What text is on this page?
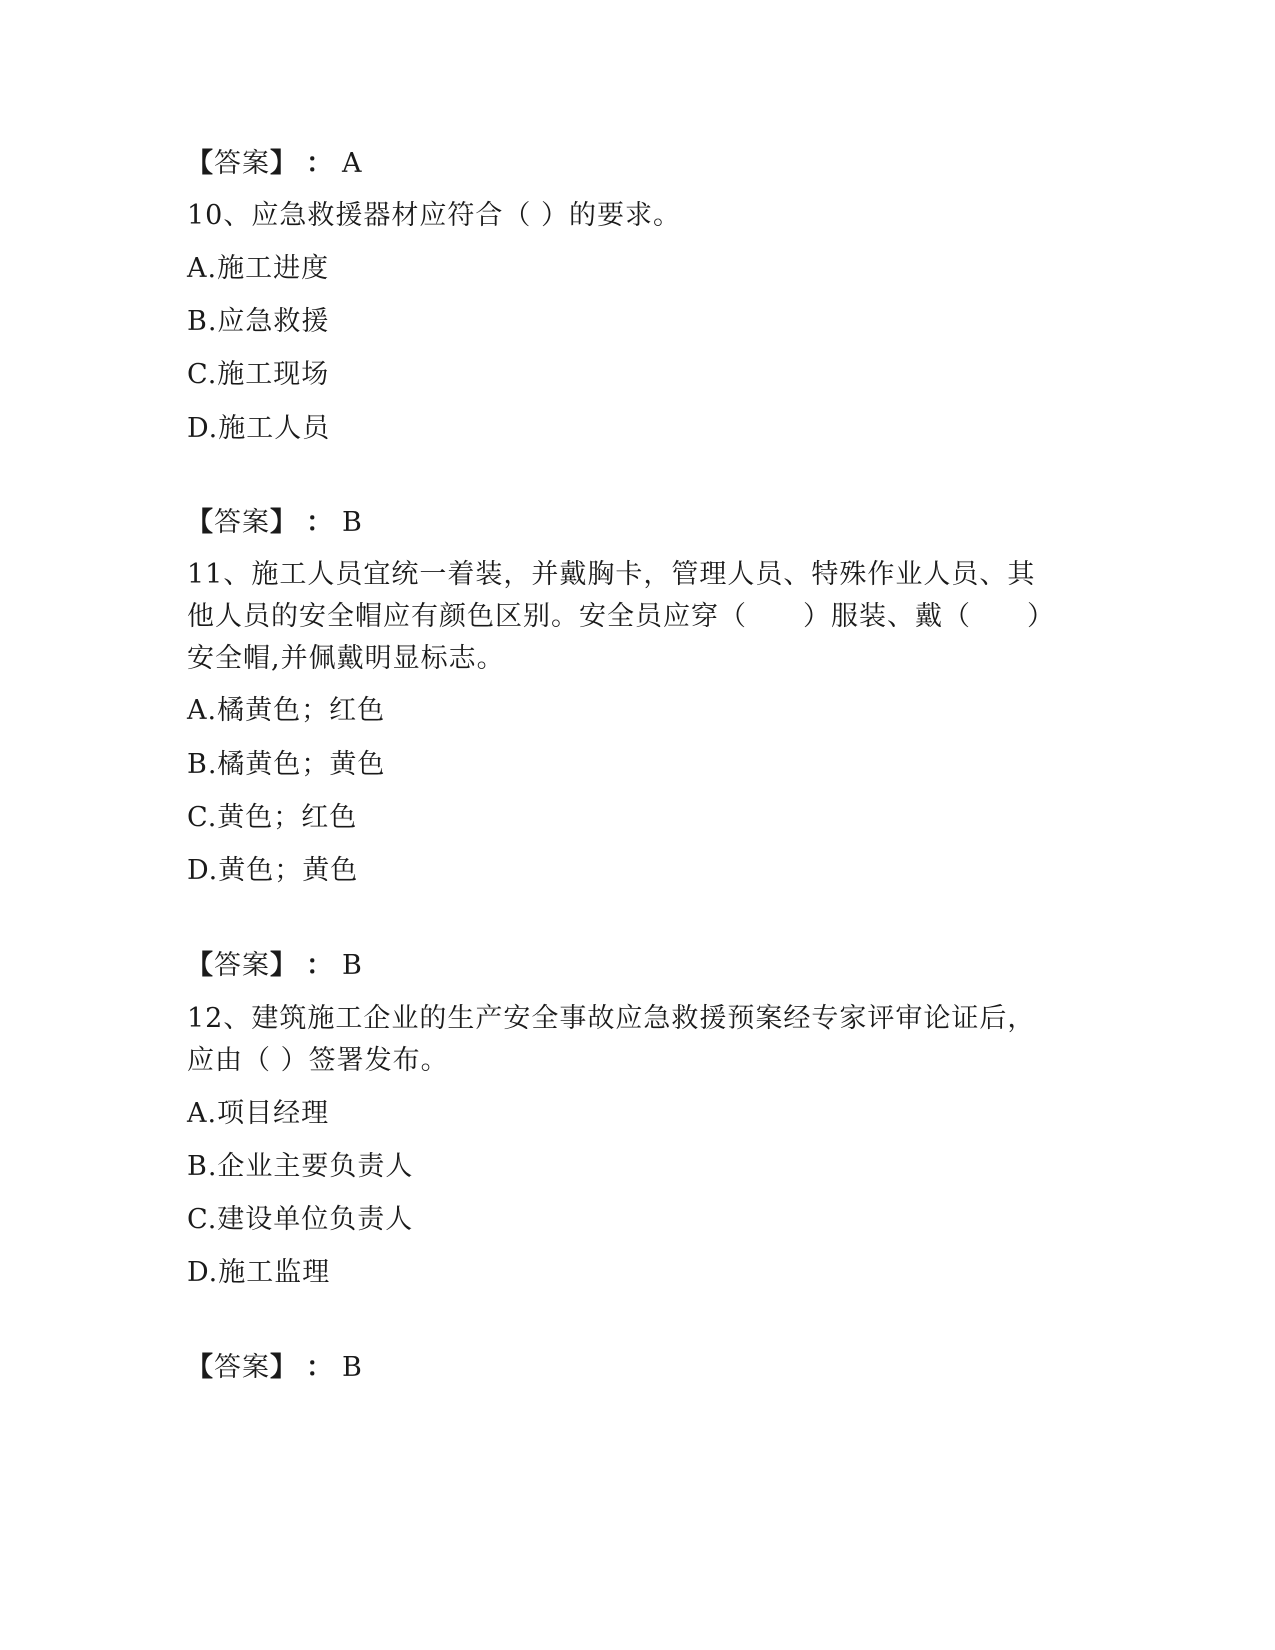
【答案】 ： A
10、应急救援器材应符合（ ）的要求。
A.施工进度
B.应急救援
C.施工现场
D.施工人员
【答案】 ： B
11、施工人员宜统一着装，并戴胸卡，管理人员、特殊作业人员、其
他人员的安全帽应有颜色区别。安全员应穿（　　）服装、戴（　　）
安全帽,并佩戴明显标志。
A.橘黄色；红色
B.橘黄色；黄色
C.黄色；红色
D.黄色；黄色
【答案】 ： B
12、建筑施工企业的生产安全事故应急救援预案经专家评审论证后，
应由（ ）签署发布。
A.项目经理
B.企业主要负责人
C.建设单位负责人
D.施工监理
【答案】 ： B
